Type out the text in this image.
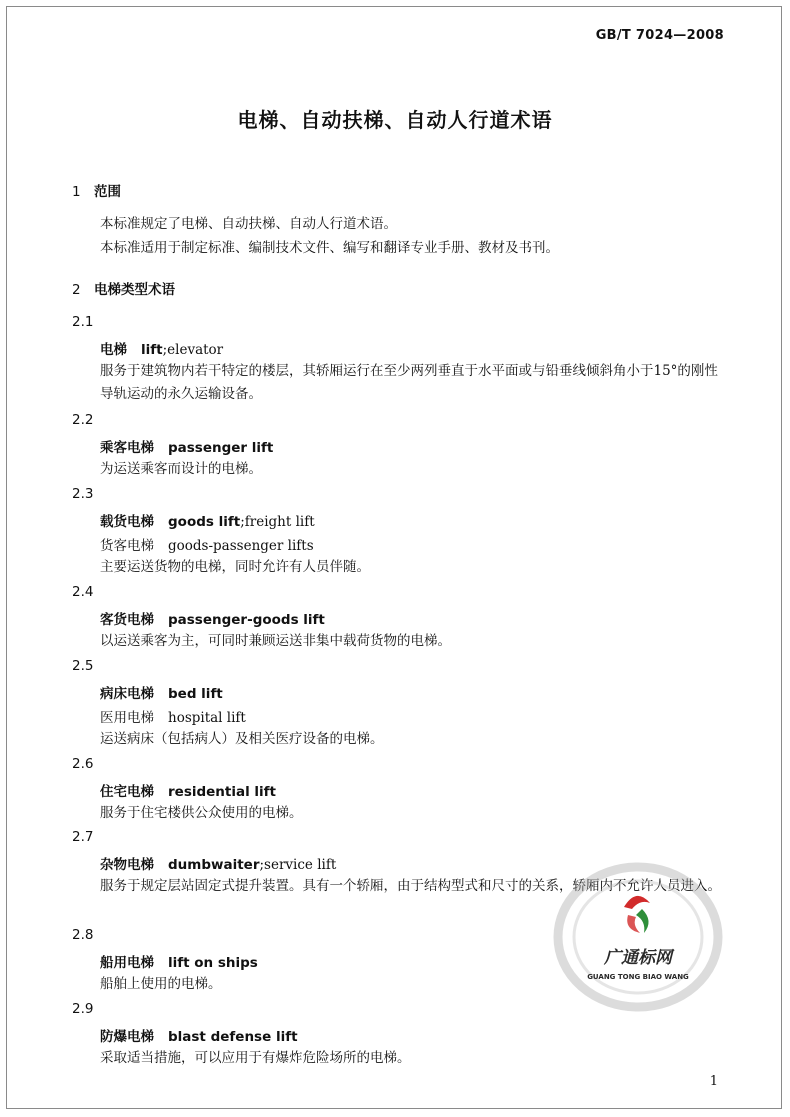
GB/T 7024—2008
电梯、自动扶梯、自动人行道术语
1 范围
本标准规定了电梯、自动扶梯、自动人行道术语。
本标准适用于制定标准、编制技术文件、编写和翻译专业手册、教材及书刊。
2 电梯类型术语
2.1
电梯 lift;elevator
服务于建筑物内若干特定的楼层，其轿厢运行在至少两列垂直于水平面或与铅垂线倾斜角小于15°的刚性导轨运动的永久运输设备。
2.2
乘客电梯 passenger lift
为运送乘客而设计的电梯。
2.3
载货电梯 goods lift;freight lift
货客电梯 goods-passenger lifts
主要运送货物的电梯，同时允许有人员伴随。
2.4
客货电梯 passenger-goods lift
以运送乘客为主，可同时兼顾运送非集中载荷货物的电梯。
2.5
病床电梯 bed lift
医用电梯 hospital lift
运送病床（包括病人）及相关医疗设备的电梯。
2.6
住宅电梯 residential lift
服务于住宅楼供公众使用的电梯。
2.7
杂物电梯 dumbwaiter;service lift
服务于规定层站固定式提升装置。具有一个轿厢，由于结构型式和尺寸的关系，轿厢内不允许人员进入。
2.8
船用电梯 lift on ships
船舶上使用的电梯。
2.9
防爆电梯 blast defense lift
采取适当措施，可以应用于有爆炸危险场所的电梯。
广通标网
GUANG TONG BIAO WANG
1
